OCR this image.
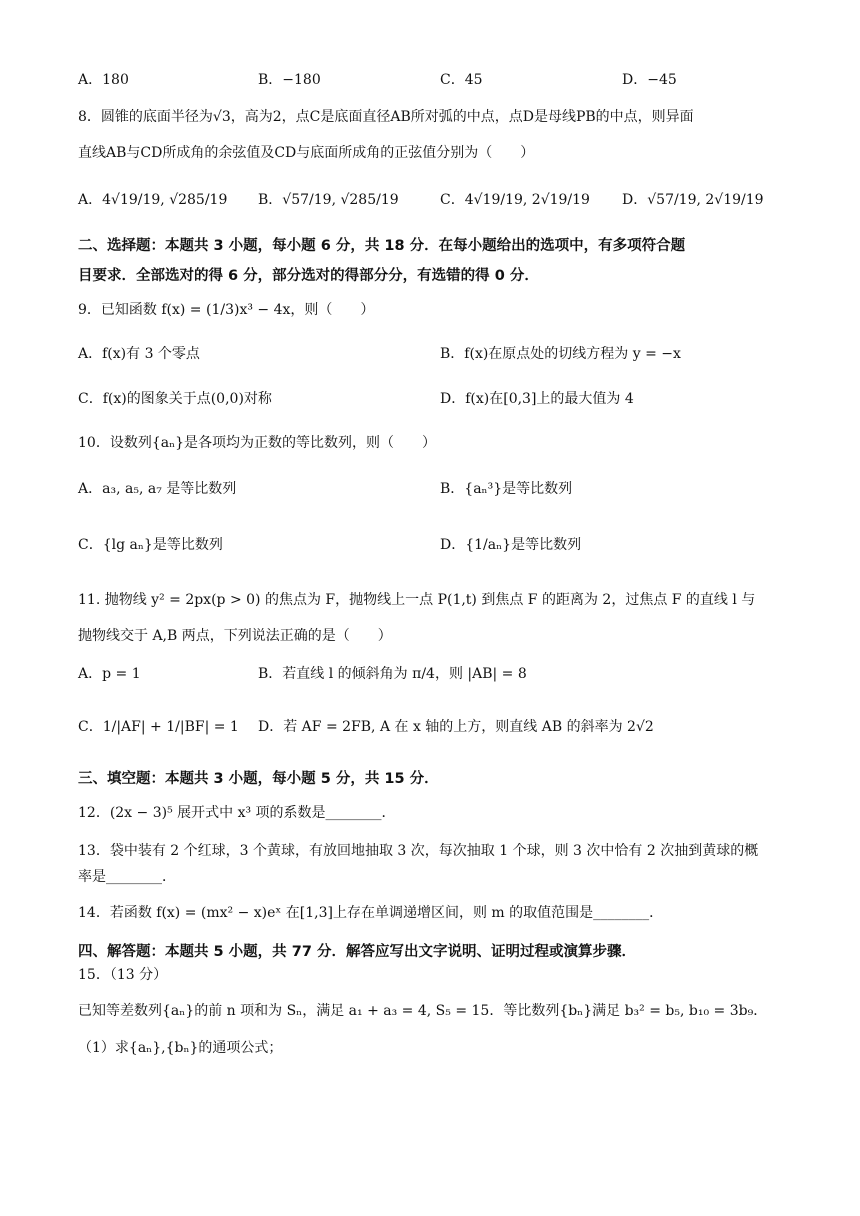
A．180	B．−180	C．45	D．−45
8．圆锥的底面半径为√3，高为2，点C是底面直径AB所对弧的中点，点D是母线PB的中点，则异面
直线AB与CD所成角的余弦值及CD与底面所成角的正弦值分别为（　　）
A．4√19/19, √285/19 B．√57/19, √285/19	C．4√19/19, 2√19/19 D．√57/19, 2√19/19
二、选择题：本题共 3 小题，每小题 6 分，共 18 分．在每小题给出的选项中，有多项符合题
目要求．全部选对的得 6 分，部分选对的得部分分，有选错的得 0 分．
9．已知函数 f(x) = (1/3)x³ − 4x，则（　　）
A．f(x)有 3 个零点	B．f(x)在原点处的切线方程为 y = −x
C．f(x)的图象关于点(0,0)对称	D．f(x)在[0,3]上的最大值为 4
10．设数列{aₙ}是各项均为正数的等比数列，则（　　）
A．a₃, a₅, a₇ 是等比数列	B．{aₙ³}是等比数列
C．{lg aₙ}是等比数列	D．{1/aₙ}是等比数列
11. 抛物线 y² = 2px(p > 0) 的焦点为 F，抛物线上一点 P(1,t) 到焦点 F 的距离为 2，过焦点 F 的直线 l 与
抛物线交于 A,B 两点，下列说法正确的是（　　）
A．p = 1	B．若直线 l 的倾斜角为 π/4，则 |AB| = 8
C．1/|AF| + 1/|BF| = 1 D．若 AF = 2FB, A 在 x 轴的上方，则直线 AB 的斜率为 2√2
三、填空题：本题共 3 小题，每小题 5 分，共 15 分．
12．(2x − 3)⁵ 展开式中 x³ 项的系数是________．
13．袋中装有 2 个红球，3 个黄球，有放回地抽取 3 次，每次抽取 1 个球，则 3 次中恰有 2 次抽到黄球的概
率是________．
14．若函数 f(x) = (mx² − x)eˣ 在[1,3]上存在单调递增区间，则 m 的取值范围是________．
四、解答题：本题共 5 小题，共 77 分．解答应写出文字说明、证明过程或演算步骤．
15．（13 分）
已知等差数列{aₙ}的前 n 项和为 Sₙ，满足 a₁ + a₃ = 4, S₅ = 15．等比数列{bₙ}满足 b₃² = b₅, b₁₀ = 3b₉．
（1）求{aₙ},{bₙ}的通项公式；
